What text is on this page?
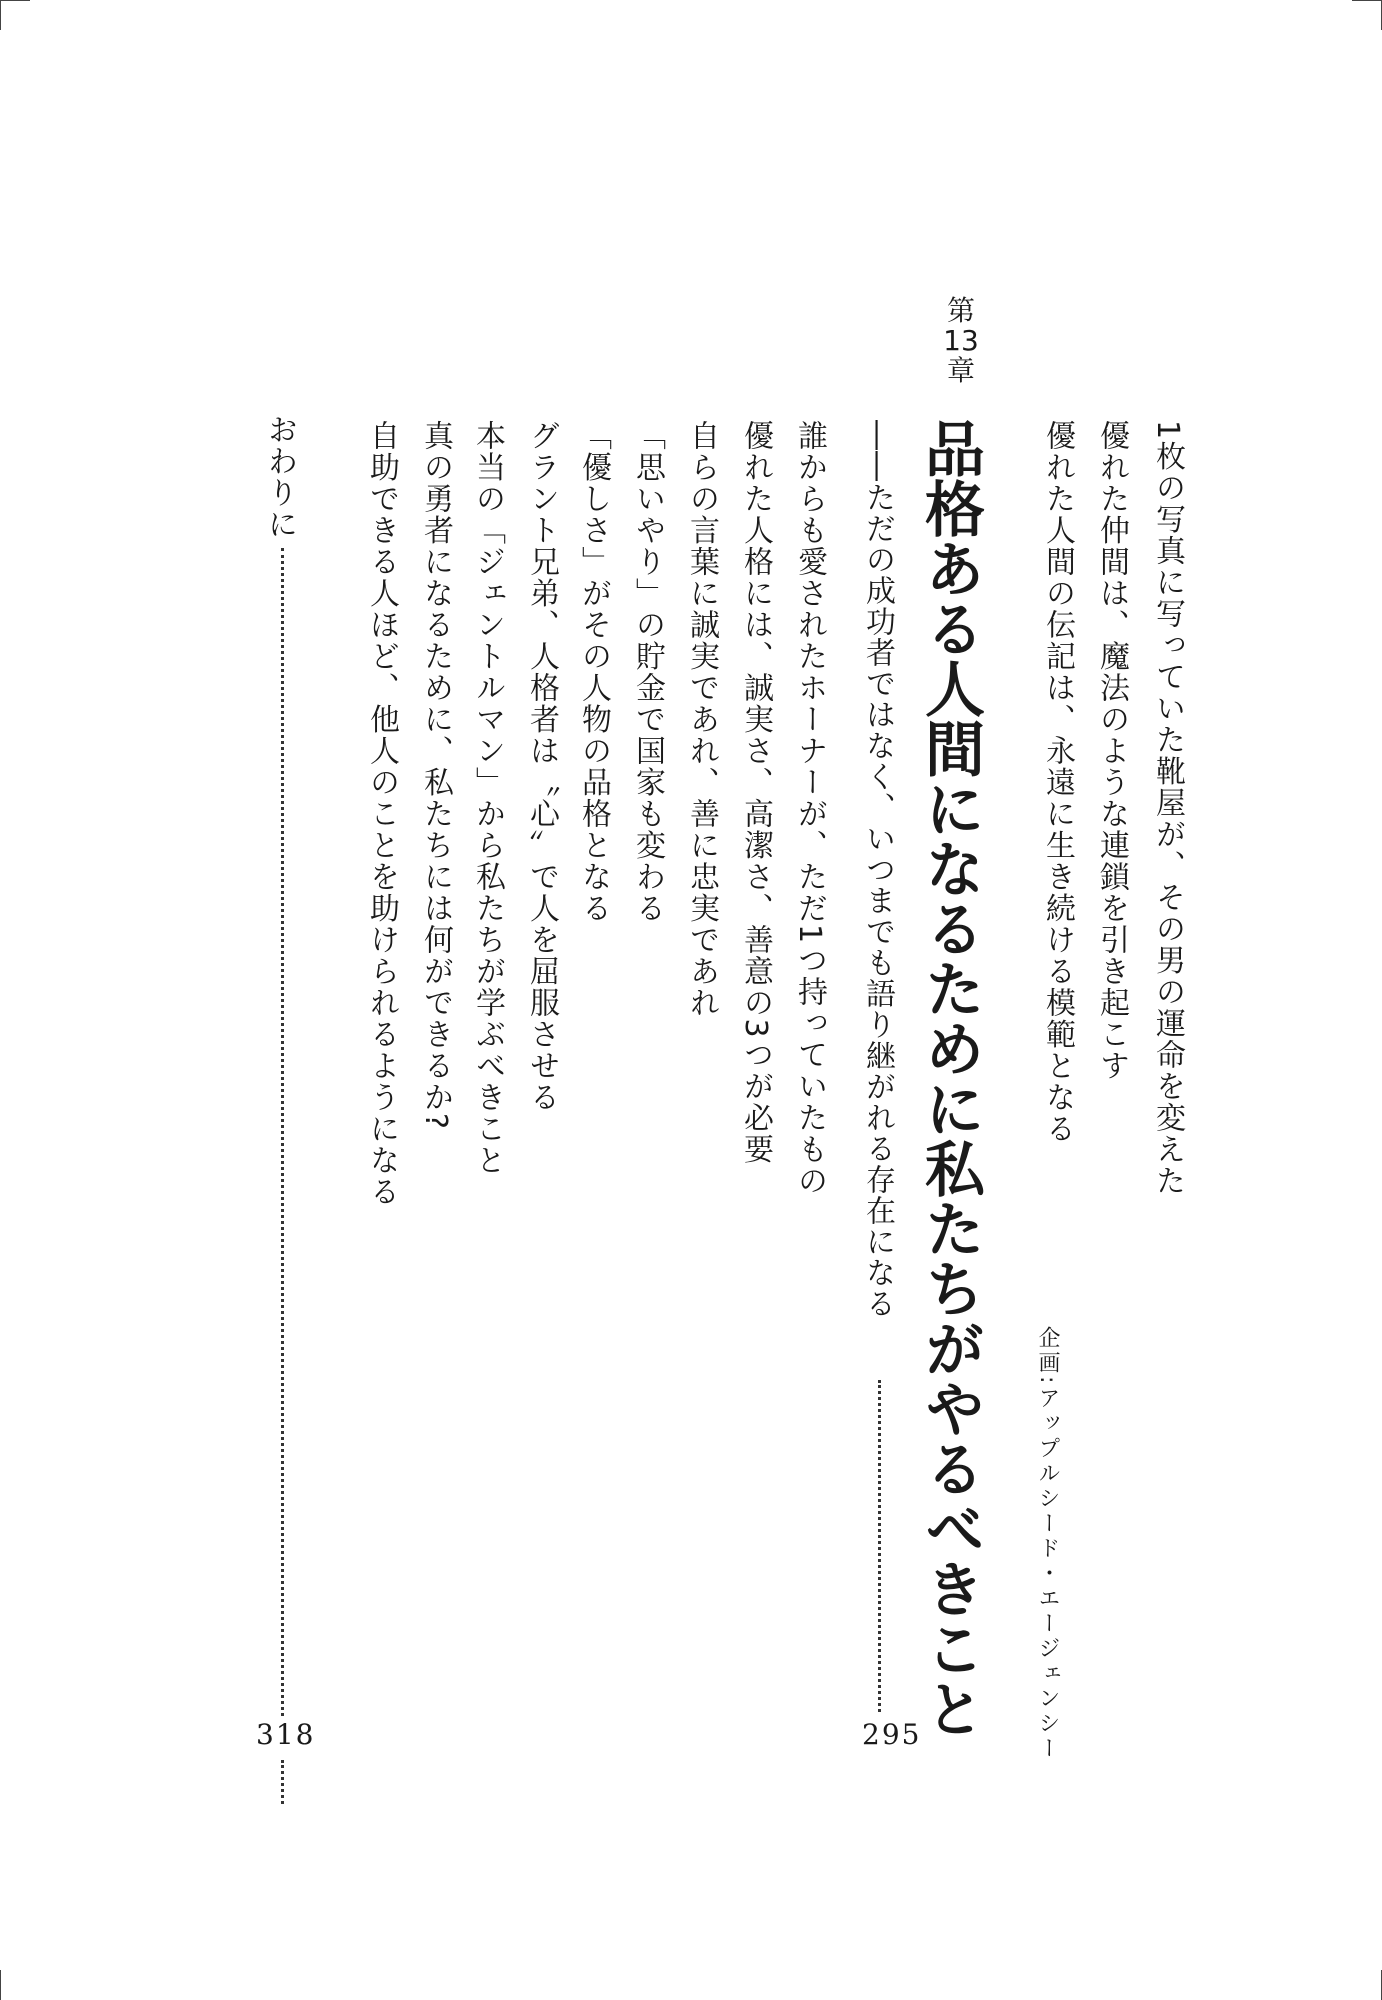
1枚の写真に写っていた靴屋が、その男の運命を変えた

優れた仲間は、魔法のような連鎖を引き起こす

優れた人間の伝記は、永遠に生き続ける模範となる

第
13
章
品格ある人間になるために私たちがやるべきこと

――ただの成功者ではなく、いつまでも語り継がれる存在になる

295

誰からも愛されたホーナーが、ただ1つ持っていたもの

優れた人格には、誠実さ、高潔さ、善意の3つが必要

自らの言葉に誠実であれ、善に忠実であれ

「思いやり」の貯金で国家も変わる

「優しさ」がその人物の品格となる

グラント兄弟、人格者は〝心〟で人を屈服させる

本当の「ジェントルマン」から私たちが学ぶべきこと

真の勇者になるために、私たちには何ができるか?

自助できる人ほど、他人のことを助けられるようになる

おわりに

318	企画:アップルシード・エージェンシー
